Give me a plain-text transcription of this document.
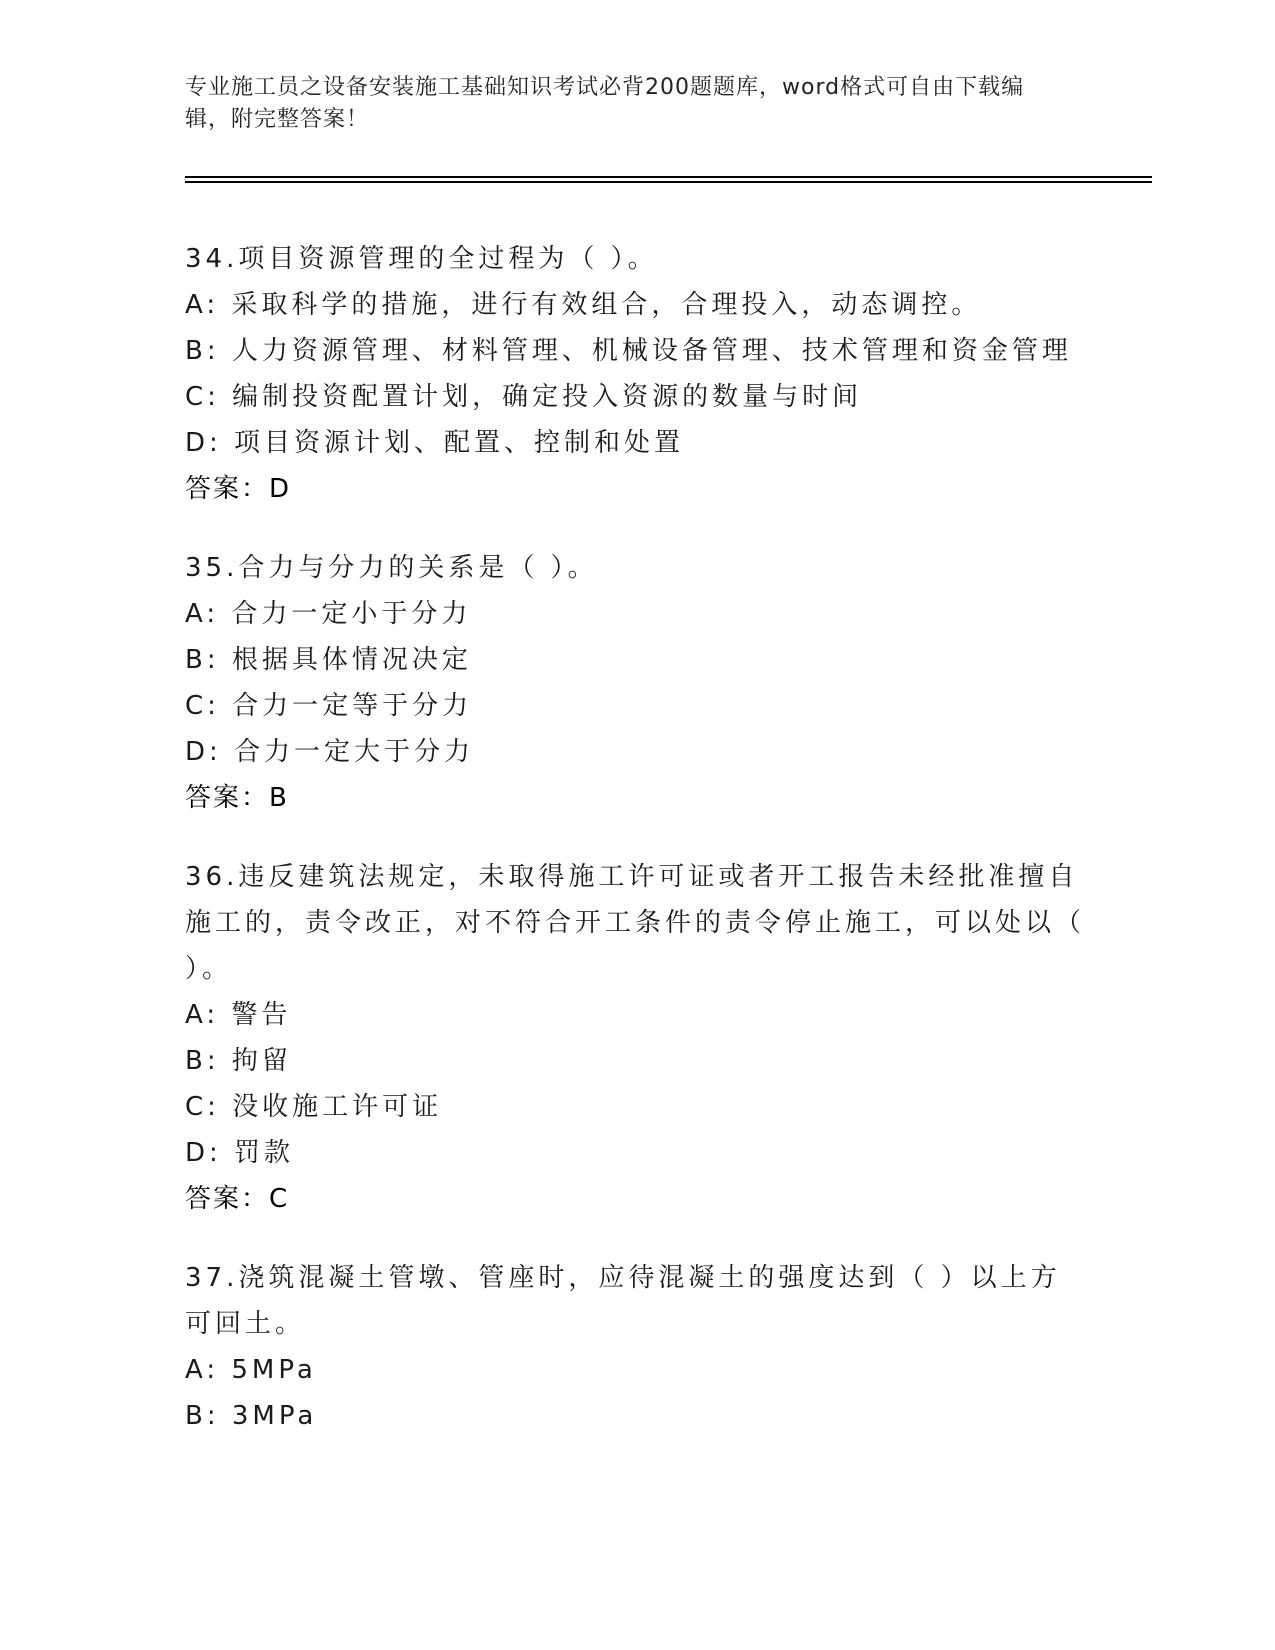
专业施工员之设备安装施工基础知识考试必背200题题库，word格式可自由下载编辑，附完整答案！
34.项目资源管理的全过程为（ ）。
A: 采取科学的措施，进行有效组合，合理投入，动态调控。
B: 人力资源管理、材料管理、机械设备管理、技术管理和资金管理
C: 编制投资配置计划，确定投入资源的数量与时间
D: 项目资源计划、配置、控制和处置
答案：D
35.合力与分力的关系是（ ）。
A: 合力一定小于分力
B: 根据具体情况决定
C: 合力一定等于分力
D: 合力一定大于分力
答案：B
36.违反建筑法规定，未取得施工许可证或者开工报告未经批准擅自施工的，责令改正，对不符合开工条件的责令停止施工，可以处以（ ）。
A: 警告
B: 拘留
C: 没收施工许可证
D: 罚款
答案：C
37.浇筑混凝土管墩、管座时，应待混凝土的强度达到（ ）以上方可回土。
A: 5MPa
B: 3MPa
